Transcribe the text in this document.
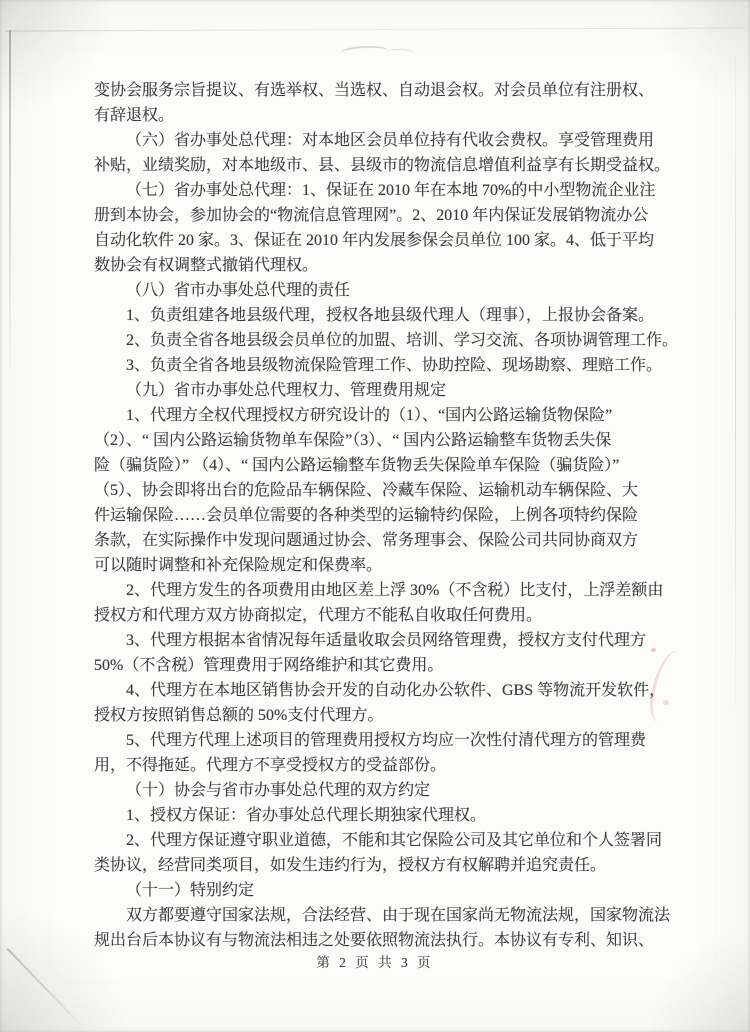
变协会服务宗旨提议、有选举权、当选权、自动退会权。对会员单位有注册权、
有辞退权。
（六）省办事处总代理：对本地区会员单位持有代收会费权。享受管理费用
补贴，业绩奖励，对本地级市、县、县级市的物流信息增值利益享有长期受益权。
（七）省办事处总代理：1、保证在 2010 年在本地 70%的中小型物流企业注
册到本协会，参加协会的“物流信息管理网”。2、2010 年内保证发展销物流办公
自动化软件 20 家。3、保证在 2010 年内发展参保会员单位 100 家。4、低于平均
数协会有权调整式撤销代理权。
（八）省市办事处总代理的责任
1、负责组建各地县级代理，授权各地县级代理人（理事），上报协会备案。
2、负责全省各地县级会员单位的加盟、培训、学习交流、各项协调管理工作。
3、负责全省各地县级物流保险管理工作、协助控险、现场勘察、理赔工作。
（九）省市办事处总代理权力、管理费用规定
1、代理方全权代理授权方研究设计的（1）、“国内公路运输货物保险”
（2）、“ 国内公路运输货物单车保险”（3）、“ 国内公路运输整车货物丢失保
险（骗货险）” （4）、“ 国内公路运输整车货物丢失保险单车保险（骗货险）”
（5）、协会即将出台的危险品车辆保险、冷藏车保险、运输机动车辆保险、大
件运输保险……会员单位需要的各种类型的运输特约保险，上例各项特约保险
条款，在实际操作中发现问题通过协会、常务理事会、保险公司共同协商双方
可以随时调整和补充保险规定和保费率。
2、代理方发生的各项费用由地区差上浮 30%（不含税）比支付，上浮差额由
授权方和代理方双方协商拟定，代理方不能私自收取任何费用。
3、代理方根据本省情况每年适量收取会员网络管理费，授权方支付代理方
50%（不含税）管理费用于网络维护和其它费用。
4、代理方在本地区销售协会开发的自动化办公软件、GBS 等物流开发软件，
授权方按照销售总额的 50%支付代理方。
5、代理方代理上述项目的管理费用授权方均应一次性付清代理方的管理费
用，不得拖延。代理方不享受授权方的受益部份。
（十）协会与省市办事处总代理的双方约定
1、授权方保证：省办事处总代理长期独家代理权。
2、代理方保证遵守职业道德，不能和其它保险公司及其它单位和个人签署同
类协议，经营同类项目，如发生违约行为，授权方有权解聘并追究责任。
（十一）特别约定
双方都要遵守国家法规，合法经营、由于现在国家尚无物流法规，国家物流法
规出台后本协议有与物流法相违之处要依照物流法执行。本协议有专利、知识、
第 2 页 共 3 页
